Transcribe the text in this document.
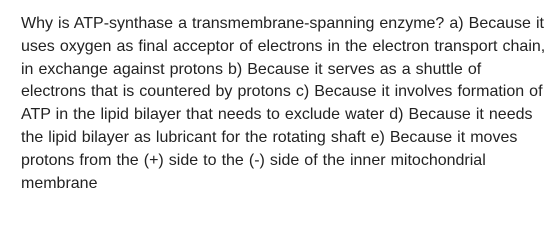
Why is ATP-synthase a transmembrane-spanning enzyme? a) Because it uses oxygen as final acceptor of electrons in the electron transport chain, in exchange against protons b) Because it serves as a shuttle of electrons that is countered by protons c) Because it involves formation of ATP in the lipid bilayer that needs to exclude water d) Because it needs the lipid bilayer as lubricant for the rotating shaft e) Because it moves protons from the (+) side to the (-) side of the inner mitochondrial membrane
